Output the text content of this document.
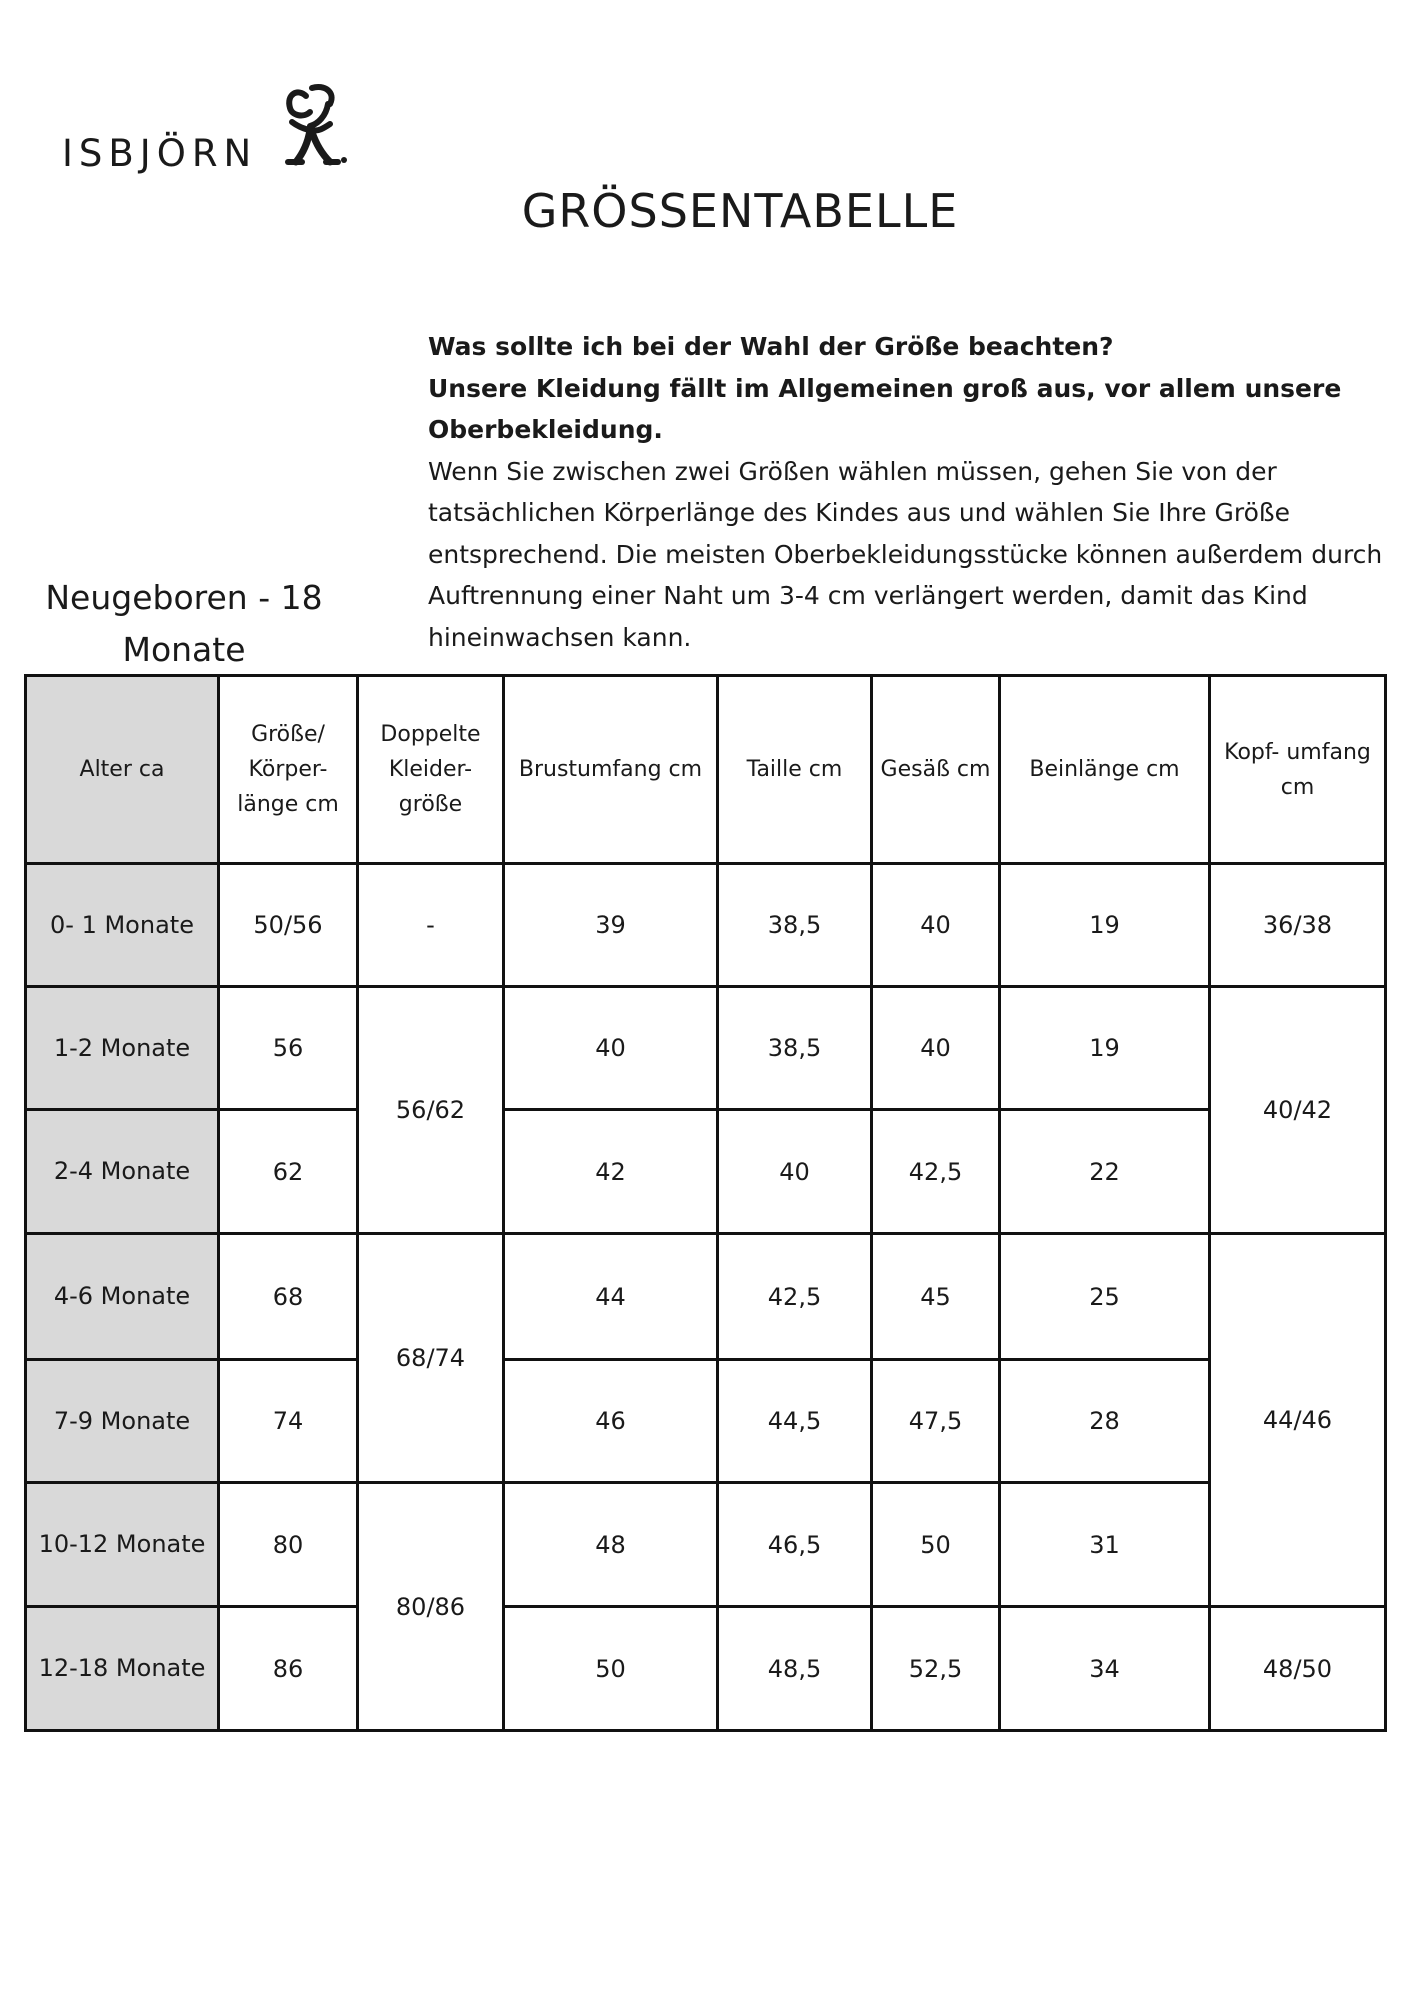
ISBJÖRN
GRÖSSENTABELLE
Was sollte ich bei der Wahl der Größe beachten?
Unsere Kleidung fällt im Allgemeinen groß aus, vor allem unsere Oberbekleidung.
Wenn Sie zwischen zwei Größen wählen müssen, gehen Sie von der tatsächlichen Körperlänge des Kindes aus und wählen Sie Ihre Größe entsprechend. Die meisten Oberbekleidungsstücke können außerdem durch Auftrennung einer Naht um 3-4 cm verlängert werden, damit das Kind hineinwachsen kann.
Neugeboren - 18 Monate
Alter ca	Größe/ Körper- länge cm	Doppelte Kleider- größe	Brustumfang cm	Taille cm	Gesäß cm	Beinlänge cm	Kopf- umfang cm
0- 1 Monate	50/56	-	39	38,5	40	19	36/38
1-2 Monate	56	56/62	40	38,5	40	19	40/42
2-4 Monate	62		42	40	42,5	22	
4-6 Monate	68	68/74	44	42,5	45	25	44/46
7-9 Monate	74		46	44,5	47,5	28	
10-12 Monate	80	80/86	48	46,5	50	31	
12-18 Monate	86		50	48,5	52,5	34	48/50
